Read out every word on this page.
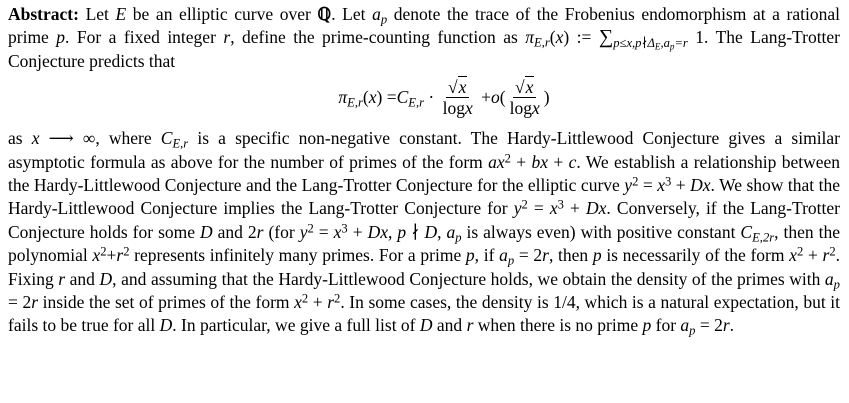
Abstract: Let E be an elliptic curve over ℚ. Let $a_p$ denote the trace of the Frobenius endomorphism at a rational prime p. For a fixed integer r, define the prime-counting function as $\pi_{E,r}(x)$ := $\sum_{p\le x,p∤\Delta_E,a_p=r}$ 1. The Lang-Trotter Conjecture predicts that
$\pi_{E,r}$ ( x ) = $C_{E,r} \cdot \frac{√x}{\log x} + o$ ( $\frac{√x}{\log x}$ )
as x ⟶ ∞, where $C_{E,r}$ is a specific non-negative constant. The Hardy-Littlewood Conjecture gives a similar asymptotic formula as above for the number of primes of the form $ax^2$ + bx + c. We establish a relationship between the Hardy-Littlewood Conjecture and the Lang-Trotter Conjecture for the elliptic curve $y^2 = x^3 + Dx$. We show that the Hardy-Littlewood Conjecture implies the Lang-Trotter Conjecture for $y^2 = x^3 + Dx$. Conversely, if the Lang-Trotter Conjecture holds for some D and 2r (for $y^2 = x^3 + Dx$, p ∤ D, $a_p$ is always even) with positive constant $C_{E,2r}$, then the polynomial $x^2+r^2$ represents infinitely many primes. For a prime p, if $a_p = 2r$, then p is necessarily of the form $x^2 + r^2$. Fixing r and D, and assuming that the Hardy-Littlewood Conjecture holds, we obtain the density of the primes with $a_p = 2r$ inside the set of primes of the form $x^2 + r^2$. In some cases, the density is 1/4, which is a natural expectation, but it fails to be true for all D. In particular, we give a full list of D and r when there is no prime p for $a_p = 2r$.
